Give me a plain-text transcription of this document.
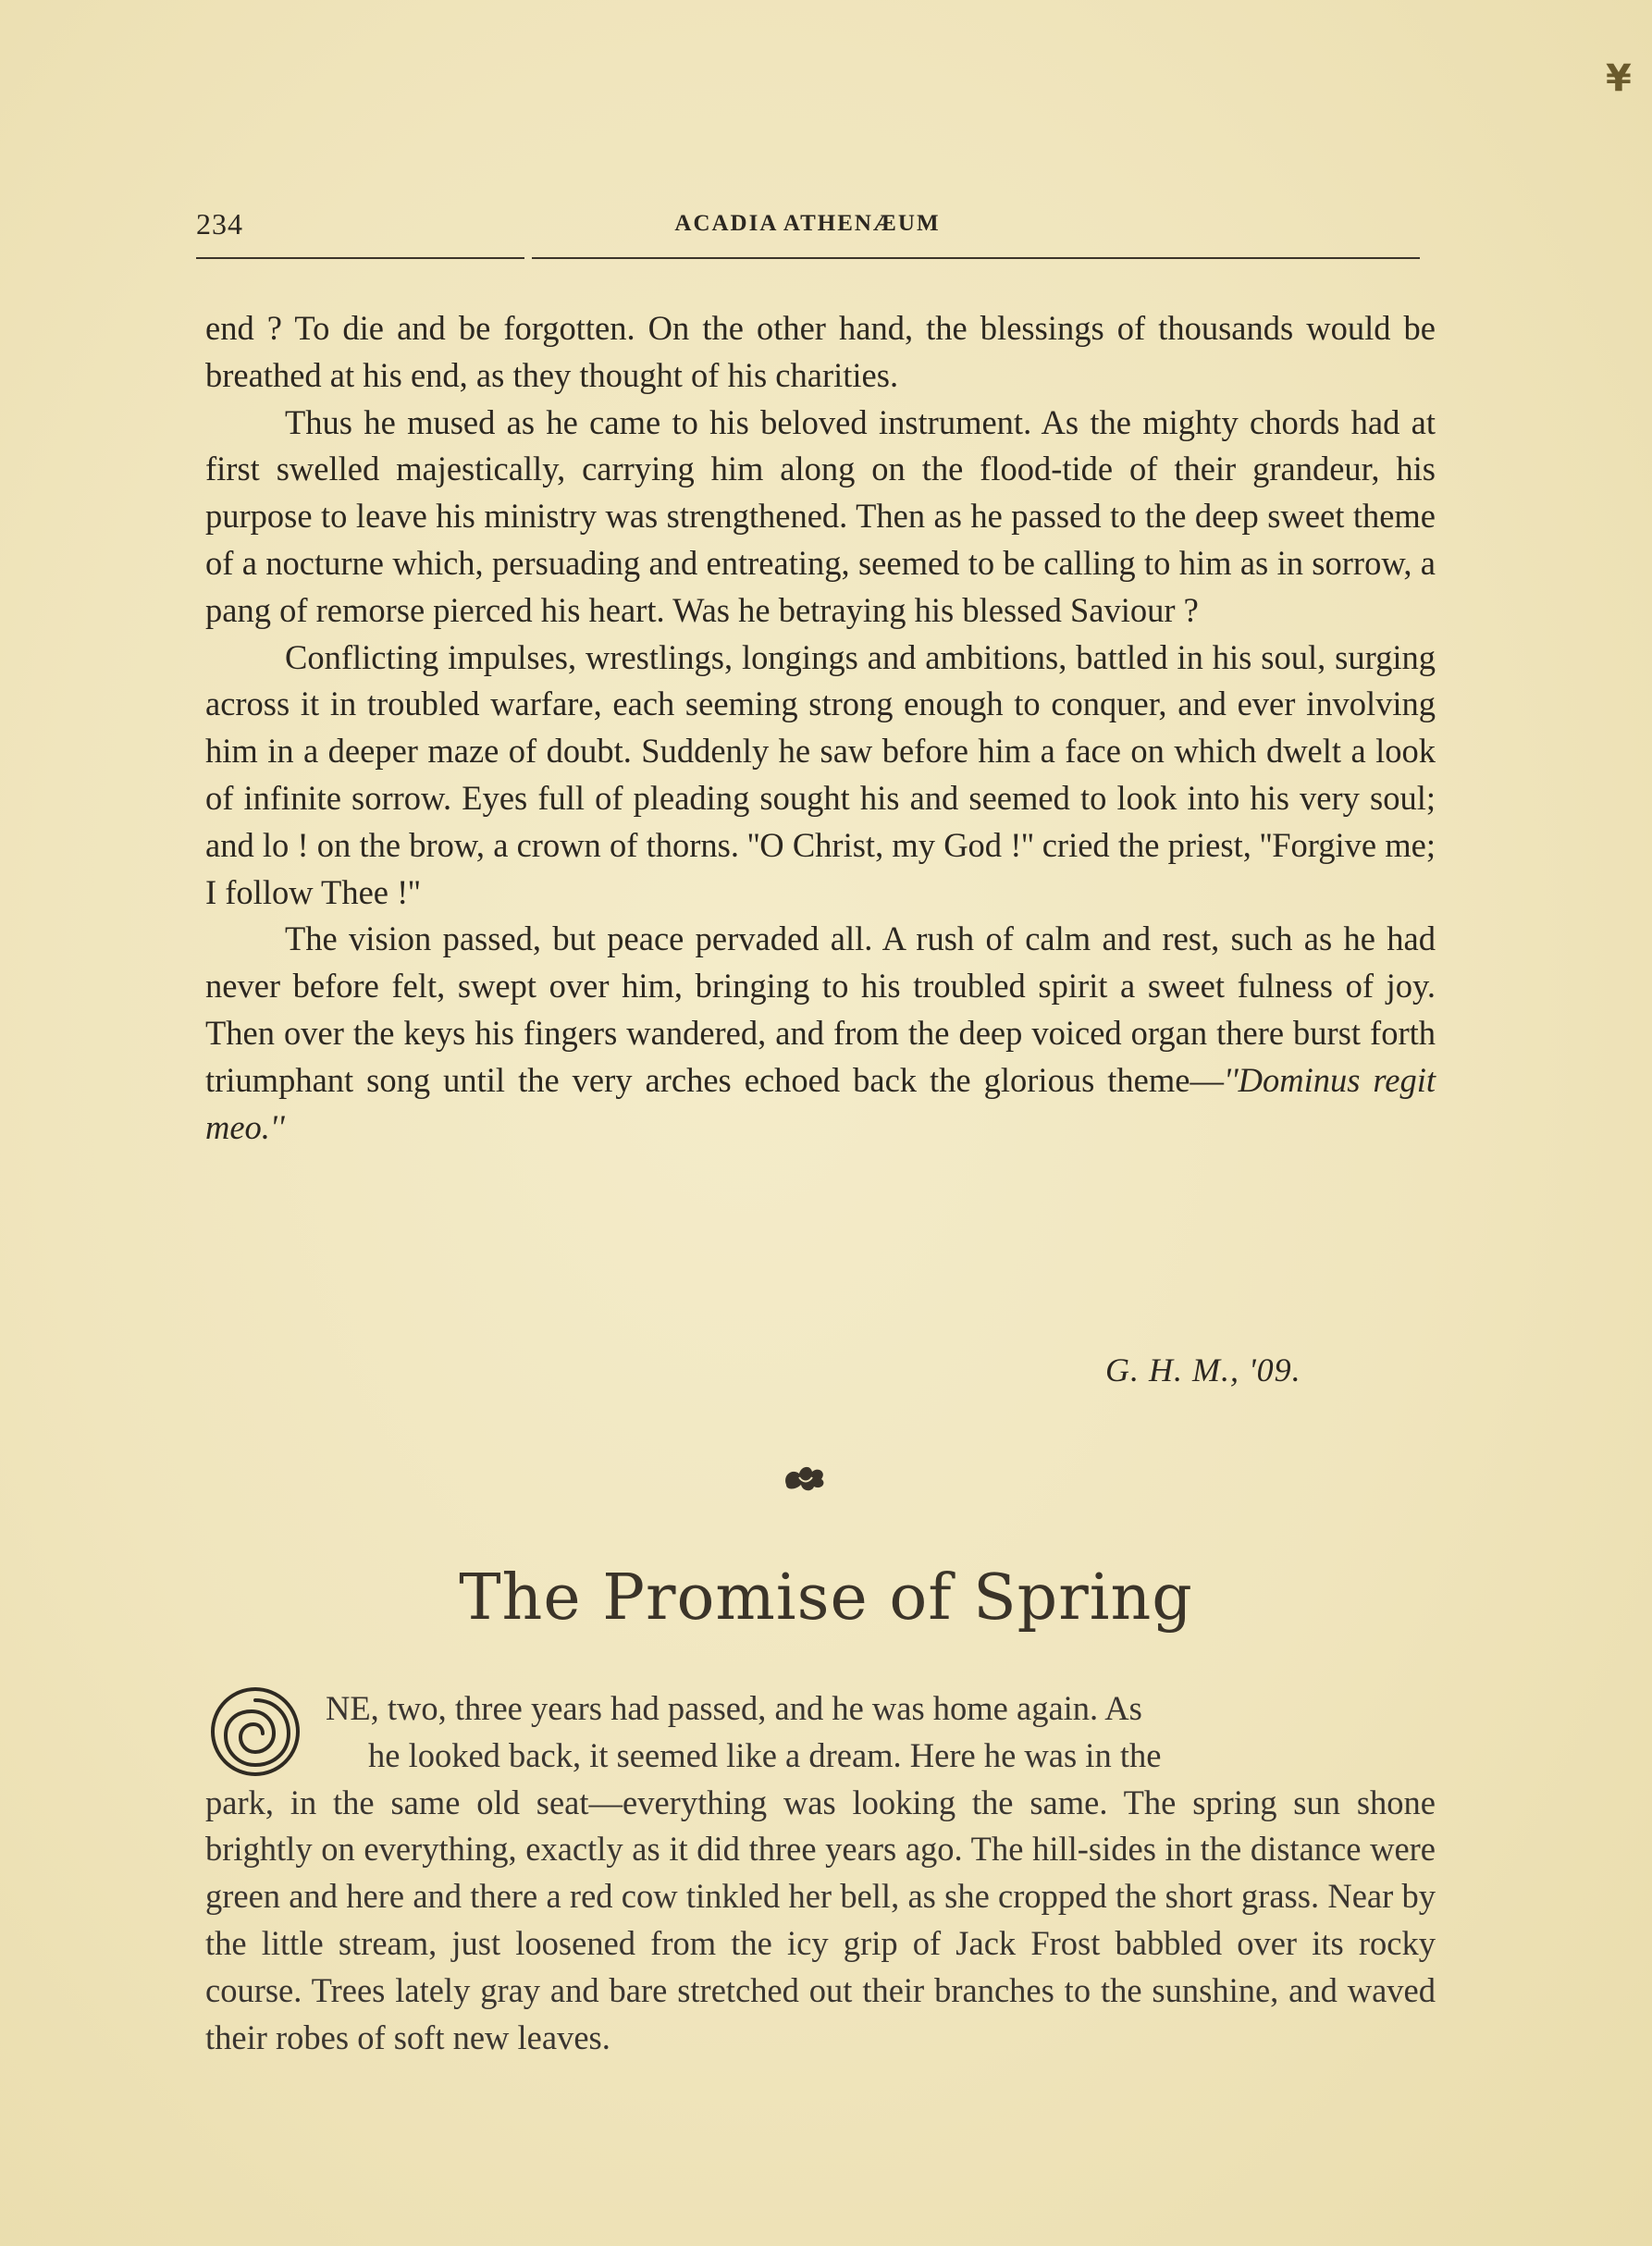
¥
234	ACADIA ATHENÆUM

end ? To die and be forgotten. On the other hand, the blessings of thousands would be breathed at his end, as they thought of his charities.

Thus he mused as he came to his beloved instrument. As the mighty chords had at first swelled majestically, carrying him along on the flood-tide of their grandeur, his purpose to leave his ministry was strengthened. Then as he passed to the deep sweet theme of a nocturne which, persuading and entreating, seemed to be calling to him as in sorrow, a pang of remorse pierced his heart. Was he betraying his blessed Saviour ?

Conflicting impulses, wrestlings, longings and ambitions, battled in his soul, surging across it in troubled warfare, each seeming strong enough to conquer, and ever involving him in a deeper maze of doubt. Suddenly he saw before him a face on which dwelt a look of infinite sorrow. Eyes full of pleading sought his and seemed to look into his very soul; and lo ! on the brow, a crown of thorns. ''O Christ, my God !'' cried the priest, ''Forgive me; I follow Thee !''

The vision passed, but peace pervaded all. A rush of calm and rest, such as he had never before felt, swept over him, bringing to his troubled spirit a sweet fulness of joy. Then over the keys his fingers wandered, and from the deep voiced organ there burst forth triumphant song until the very arches echoed back the glorious theme—''Dominus regit meo.''

G. H. M., '09.
The Promise of Spring
O
NE, two, three years had passed, and he was home again. As
he looked back, it seemed like a dream. Here he was in the

park, in the same old seat—everything was looking the same. The spring sun shone brightly on everything, exactly as it did three years ago. The hill-sides in the distance were green and here and there a red cow tinkled her bell, as she cropped the short grass. Near by the little stream, just loosened from the icy grip of Jack Frost babbled over its rocky course. Trees lately gray and bare stretched out their branches to the sunshine, and waved their robes of soft new leaves.
